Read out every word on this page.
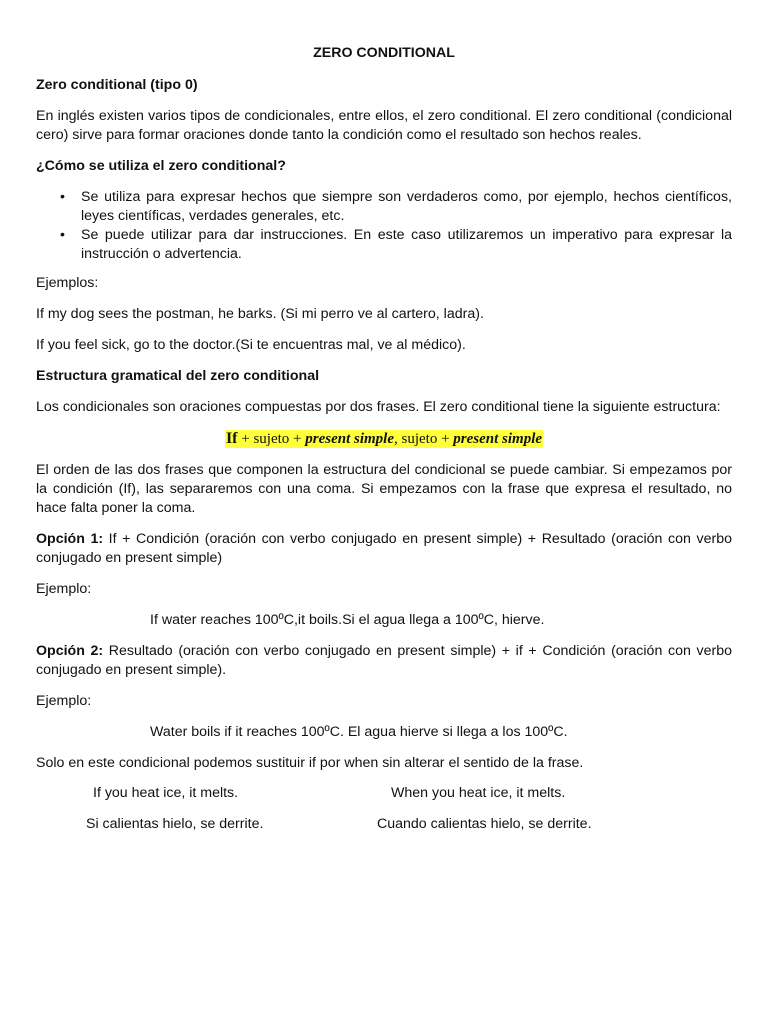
ZERO CONDITIONAL

Zero conditional (tipo 0)

En inglés existen varios tipos de condicionales, entre ellos, el zero conditional. El zero conditional (condicional cero) sirve para formar oraciones donde tanto la condición como el resultado son hechos reales.

¿Cómo se utiliza el zero conditional?

• Se utiliza para expresar hechos que siempre son verdaderos como, por ejemplo, hechos científicos, leyes científicas, verdades generales, etc.
• Se puede utilizar para dar instrucciones. En este caso utilizaremos un imperativo para expresar la instrucción o advertencia.

Ejemplos:

If my dog sees the postman, he barks. (Si mi perro ve al cartero, ladra).

If you feel sick, go to the doctor.(Si te encuentras mal, ve al médico).

Estructura gramatical del zero conditional

Los condicionales son oraciones compuestas por dos frases. El zero conditional tiene la siguiente estructura:

If + sujeto + present simple, sujeto + present simple

El orden de las dos frases que componen la estructura del condicional se puede cambiar. Si empezamos por la condición (If), las separaremos con una coma. Si empezamos con la frase que expresa el resultado, no hace falta poner la coma.

Opción 1: If + Condición (oración con verbo conjugado en present simple) + Resultado (oración con verbo conjugado en present simple)

Ejemplo:

If water reaches 100ºC,it boils.Si el agua llega a 100ºC, hierve.

Opción 2: Resultado (oración con verbo conjugado en present simple) + if + Condición (oración con verbo conjugado en present simple).

Ejemplo:

Water boils if it reaches 100ºC. El agua hierve si llega a los 100ºC.

Solo en este condicional podemos sustituir if por when sin alterar el sentido de la frase.

If you heat ice, it melts.	When you heat ice, it melts.
Si calientas hielo, se derrite.	Cuando calientas hielo, se derrite.
